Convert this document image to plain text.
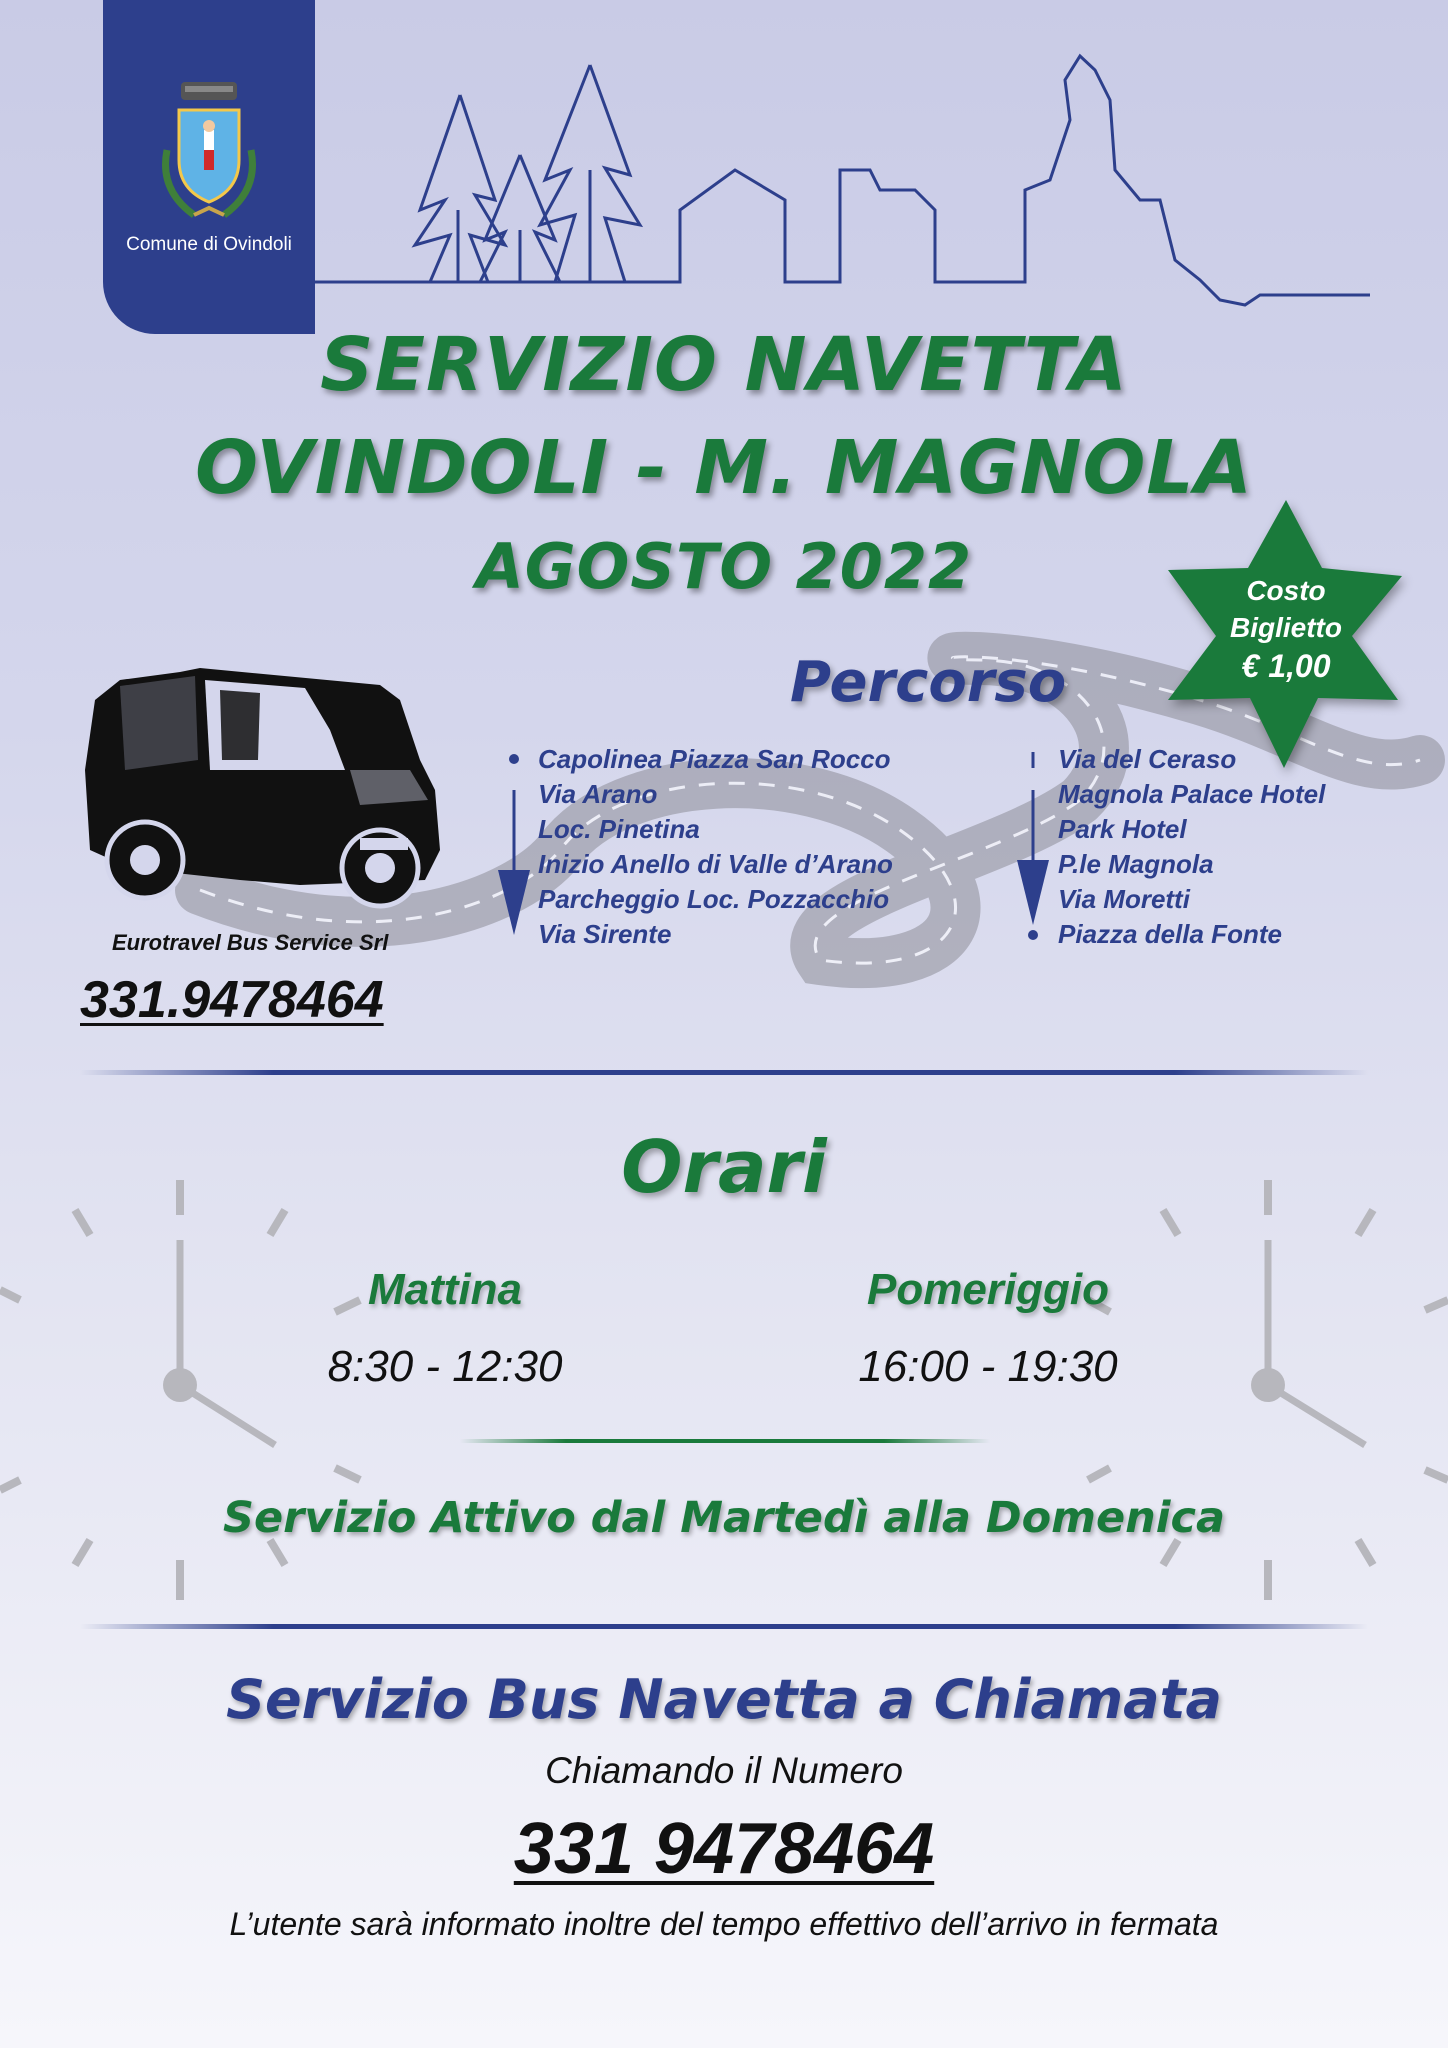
Comune di Ovindoli
SERVIZIO NAVETTA
OVINDOLI - M. MAGNOLA
AGOSTO 2022	Costo
Biglietto
€ 1,00
Percorso
Capolinea Piazza San Rocco
Via Arano
Loc. Pinetina
Inizio Anello di Valle d’Arano
Parcheggio Loc. Pozzacchio
Via Sirente
Via del Ceraso
Magnola Palace Hotel
Park Hotel
P.le Magnola
Via Moretti
Piazza della Fonte
Eurotravel Bus Service Srl
331.9478464
Orari
Mattina
8:30 - 12:30
Pomeriggio
16:00 - 19:30
Servizio Attivo dal Martedì alla Domenica
Servizio Bus Navetta a Chiamata
Chiamando il Numero
331 9478464
L’utente sarà informato inoltre del tempo effettivo dell’arrivo in fermata
